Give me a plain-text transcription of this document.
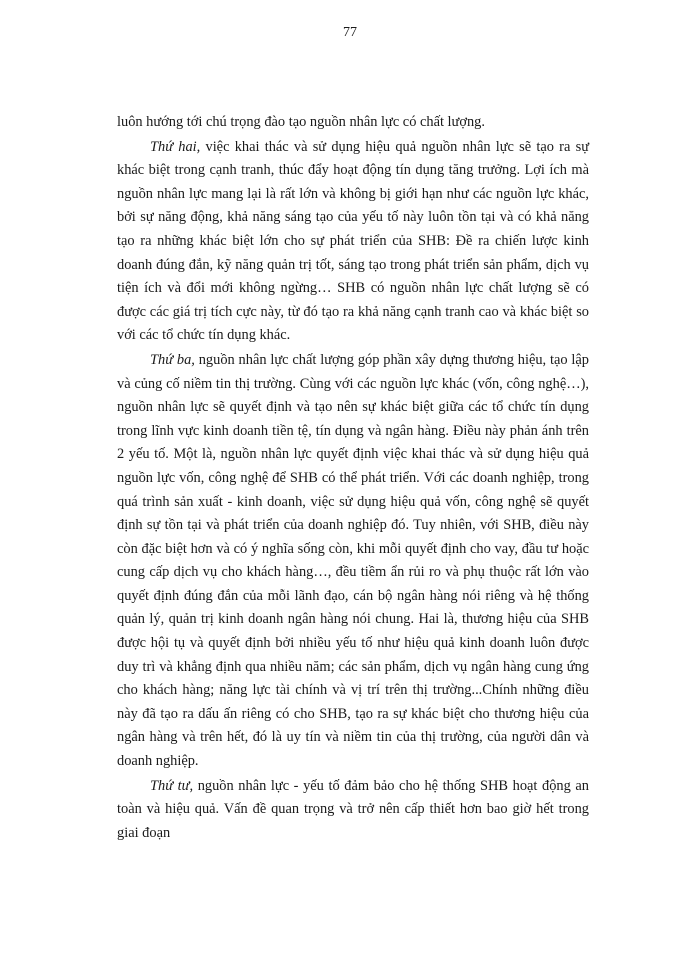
77

luôn hướng tới chú trọng đào tạo nguồn nhân lực có chất lượng.

Thứ hai, việc khai thác và sử dụng hiệu quả nguồn nhân lực sẽ tạo ra sự khác biệt trong cạnh tranh, thúc đẩy hoạt động tín dụng tăng trưởng. Lợi ích mà nguồn nhân lực mang lại là rất lớn và không bị giới hạn như các nguồn lực khác, bởi sự năng động, khả năng sáng tạo của yếu tố này luôn tồn tại và có khả năng tạo ra những khác biệt lớn cho sự phát triển của SHB: Đề ra chiến lược kinh doanh đúng đắn, kỹ năng quản trị tốt, sáng tạo trong phát triển sản phẩm, dịch vụ tiện ích và đổi mới không ngừng… SHB có nguồn nhân lực chất lượng sẽ có được các giá trị tích cực này, từ đó tạo ra khả năng cạnh tranh cao và khác biệt so với các tổ chức tín dụng khác.

Thứ ba, nguồn nhân lực chất lượng góp phần xây dựng thương hiệu, tạo lập và củng cố niềm tin thị trường. Cùng với các nguồn lực khác (vốn, công nghệ…), nguồn nhân lực sẽ quyết định và tạo nên sự khác biệt giữa các tổ chức tín dụng trong lĩnh vực kinh doanh tiền tệ, tín dụng và ngân hàng. Điều này phản ánh trên 2 yếu tố. Một là, nguồn nhân lực quyết định việc khai thác và sử dụng hiệu quả nguồn lực vốn, công nghệ để SHB có thể phát triển. Với các doanh nghiệp, trong quá trình sản xuất - kinh doanh, việc sử dụng hiệu quả vốn, công nghệ sẽ quyết định sự tồn tại và phát triển của doanh nghiệp đó. Tuy nhiên, với SHB, điều này còn đặc biệt hơn và có ý nghĩa sống còn, khi mỗi quyết định cho vay, đầu tư hoặc cung cấp dịch vụ cho khách hàng…, đều tiềm ẩn rủi ro và phụ thuộc rất lớn vào quyết định đúng đắn của mỗi lãnh đạo, cán bộ ngân hàng nói riêng và hệ thống quản lý, quản trị kinh doanh ngân hàng nói chung. Hai là, thương hiệu của SHB được hội tụ và quyết định bởi nhiều yếu tố như hiệu quả kinh doanh luôn được duy trì và khẳng định qua nhiều năm; các sản phẩm, dịch vụ ngân hàng cung ứng cho khách hàng; năng lực tài chính và vị trí trên thị trường...Chính những điều này đã tạo ra dấu ấn riêng có cho SHB, tạo ra sự khác biệt cho thương hiệu của ngân hàng và trên hết, đó là uy tín và niềm tin của thị trường, của người dân và doanh nghiệp.

Thứ tư, nguồn nhân lực - yếu tố đảm bảo cho hệ thống SHB hoạt động an toàn và hiệu quả. Vấn đề quan trọng và trở nên cấp thiết hơn bao giờ hết trong giai đoạn
